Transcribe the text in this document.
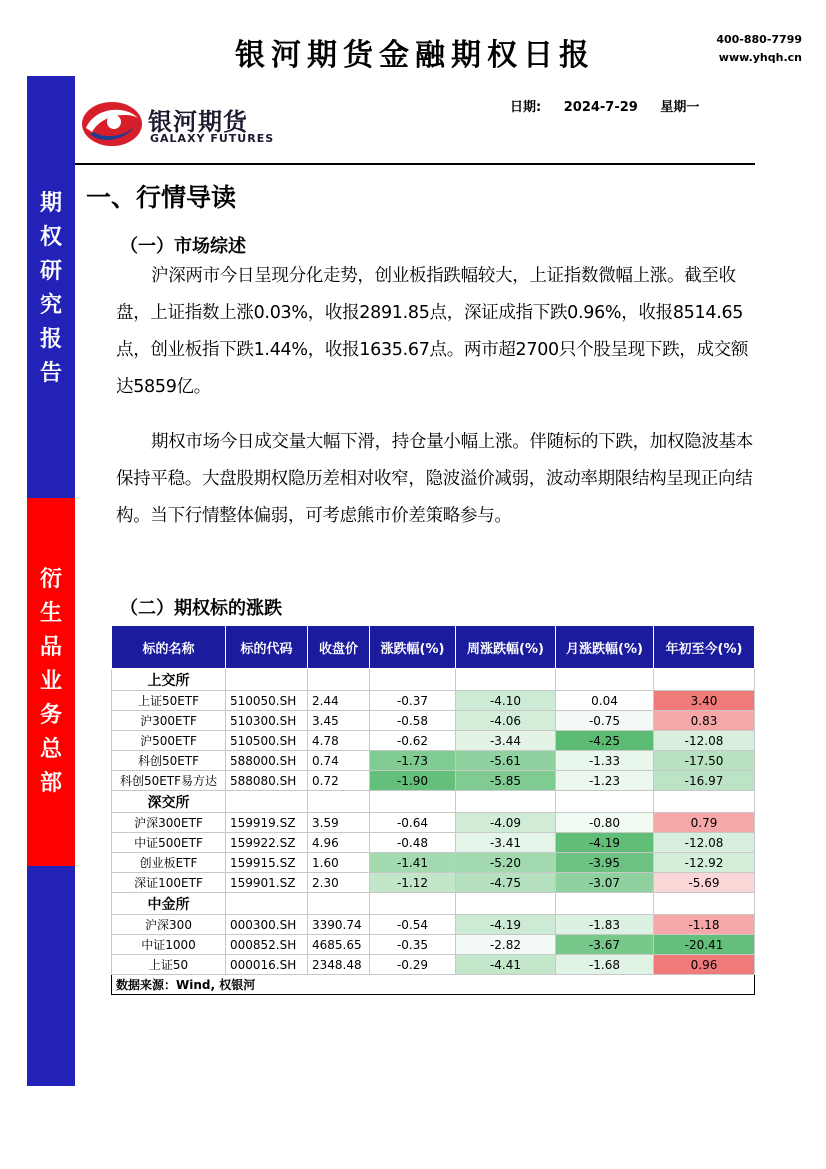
银河期货金融期权日报	400-880-7799
www.yhqh.cn
期
权
研
究
报
告
衍
生
品
业
务
总
部
银河期货
GALAXY FUTURES
日期: 2024-7-29 星期一
一、行情导读
（一）市场综述
沪深两市今日呈现分化走势，创业板指跌幅较大，上证指数微幅上涨。截至收盘，上证指数上涨0.03%，收报2891.85点，深证成指下跌0.96%，收报8514.65点，创业板指下跌1.44%，收报1635.67点。两市超2700只个股呈现下跌，成交额达5859亿。
期权市场今日成交量大幅下滑，持仓量小幅上涨。伴随标的下跌，加权隐波基本保持平稳。大盘股期权隐历差相对收窄，隐波溢价减弱，波动率期限结构呈现正向结构。当下行情整体偏弱，可考虑熊市价差策略参与。
（二）期权标的涨跌
标的名称	标的代码	收盘价	涨跌幅(%)	周涨跌幅(%)	月涨跌幅(%)	年初至今(%)
上交所						
上证50ETF	510050.SH	2.44	-0.37	-4.10	0.04	3.40
沪300ETF	510300.SH	3.45	-0.58	-4.06	-0.75	0.83
沪500ETF	510500.SH	4.78	-0.62	-3.44	-4.25	-12.08
科创50ETF	588000.SH	0.74	-1.73	-5.61	-1.33	-17.50
科创50ETF易方达	588080.SH	0.72	-1.90	-5.85	-1.23	-16.97
深交所						
沪深300ETF	159919.SZ	3.59	-0.64	-4.09	-0.80	0.79
中证500ETF	159922.SZ	4.96	-0.48	-3.41	-4.19	-12.08
创业板ETF	159915.SZ	1.60	-1.41	-5.20	-3.95	-12.92
深证100ETF	159901.SZ	2.30	-1.12	-4.75	-3.07	-5.69
中金所						
沪深300	000300.SH	3390.74	-0.54	-4.19	-1.83	-1.18
中证1000	000852.SH	4685.65	-0.35	-2.82	-3.67	-20.41
上证50	000016.SH	2348.48	-0.29	-4.41	-1.68	0.96
数据来源：Wind, 权银河						
